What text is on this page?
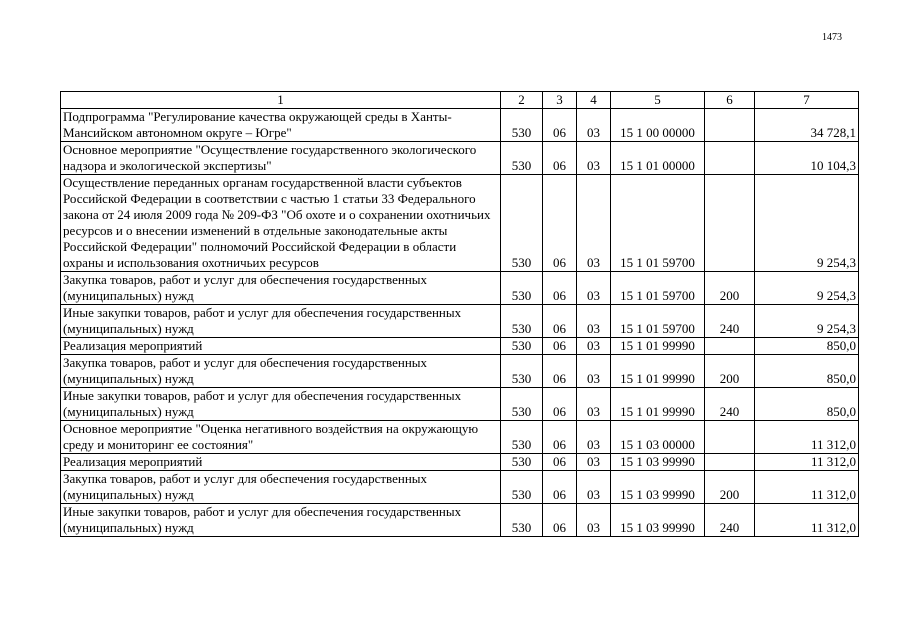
1473
1	2	3	4	5	6	7
Подпрограмма "Регулирование качества окружающей среды в Ханты-Мансийском автономном округе – Югре"	530	06	03	15 1 00 00000		34 728,1
Основное мероприятие "Осуществление государственного экологического надзора и экологической экспертизы"	530	06	03	15 1 01 00000		10 104,3
Осуществление переданных органам государственной власти субъектов Российской Федерации в соответствии с частью 1 статьи 33 Федерального закона от 24 июля 2009 года № 209-ФЗ "Об охоте и о сохранении охотничьих ресурсов и о внесении изменений в отдельные законодательные акты Российской Федерации" полномочий Российской Федерации в области охраны и использования охотничьих ресурсов	530	06	03	15 1 01 59700		9 254,3
Закупка товаров, работ и услуг для обеспечения государственных (муниципальных) нужд	530	06	03	15 1 01 59700	200	9 254,3
Иные закупки товаров, работ и услуг для обеспечения государственных (муниципальных) нужд	530	06	03	15 1 01 59700	240	9 254,3
Реализация мероприятий	530	06	03	15 1 01 99990		850,0
Закупка товаров, работ и услуг для обеспечения государственных (муниципальных) нужд	530	06	03	15 1 01 99990	200	850,0
Иные закупки товаров, работ и услуг для обеспечения государственных (муниципальных) нужд	530	06	03	15 1 01 99990	240	850,0
Основное мероприятие "Оценка негативного воздействия на окружающую среду и мониторинг ее состояния"	530	06	03	15 1 03 00000		11 312,0
Реализация мероприятий	530	06	03	15 1 03 99990		11 312,0
Закупка товаров, работ и услуг для обеспечения государственных (муниципальных) нужд	530	06	03	15 1 03 99990	200	11 312,0
Иные закупки товаров, работ и услуг для обеспечения государственных (муниципальных) нужд	530	06	03	15 1 03 99990	240	11 312,0
